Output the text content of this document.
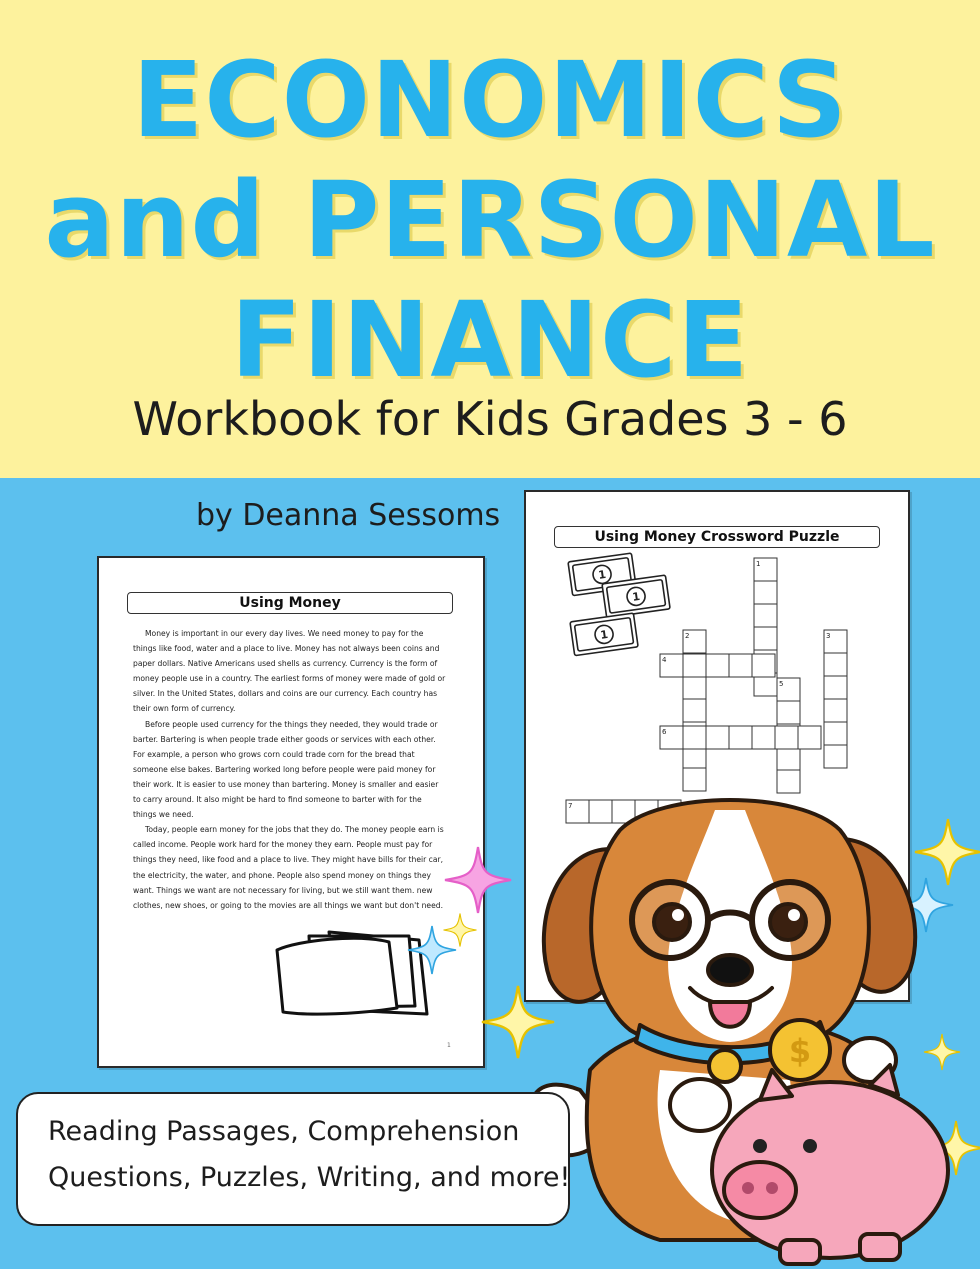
ECONOMICS
and PERSONAL
FINANCE
Workbook for Kids Grades 3 - 6
by Deanna Sessoms
Using Money Crossword Puzzle
1
1
1
1
2	3
4
5
6
7
Using Money

Money is important in our every day lives. We need money to pay for the things like food, water and a place to live. Money has not always been coins and paper dollars. Native Americans used shells as currency. Currency is the form of money people use in a country. The earliest forms of money were made of gold or silver. In the United States, dollars and coins are our currency. Each country has their own form of currency.

Before people used currency for the things they needed, they would trade or barter. Bartering is when people trade either goods or services with each other. For example, a person who grows corn could trade corn for the bread that someone else bakes. Bartering worked long before people were paid money for their work. It is easier to use money than bartering. Money is smaller and easier to carry around. It also might be hard to find someone to barter with for the things we need.

Today, people earn money for the jobs that they do. The money people earn is called income. People work hard for the money they earn. People must pay for things they need, like food and a place to live. They might have bills for their car, the electricity, the water, and phone. People also spend money on things they want. Things we want are not necessary for living, but we still want them. new clothes, new shoes, or going to the movies are all things we want but don't need.

1	$
Reading Passages, Comprehension
Questions, Puzzles, Writing, and more!
